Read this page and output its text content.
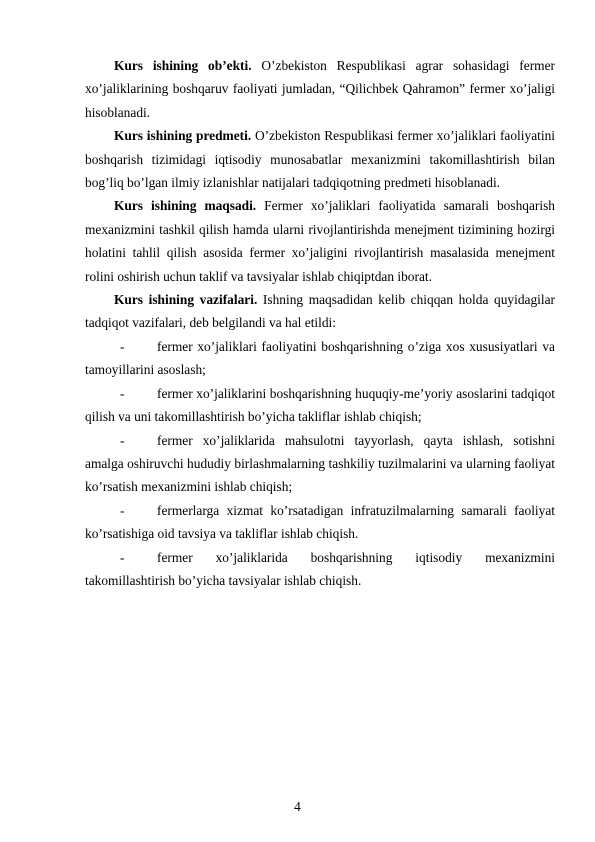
Kurs ishining ob’ekti. O’zbekiston Respublikasi agrar sohasidagi fermer xo’jaliklarining boshqaruv faoliyati jumladan, “Qilichbek Qahramon” fermer xo’jaligi hisoblanadi.

Kurs ishining predmeti. O’zbekiston Respublikasi fermer xo’jaliklari faoliyatini boshqarish tizimidagi iqtisodiy munosabatlar mexanizmini takomillashtirish bilan bog’liq bo’lgan ilmiy izlanishlar natijalari tadqiqotning predmeti hisoblanadi.

Kurs ishining maqsadi. Fermer xo’jaliklari faoliyatida samarali boshqarish mexanizmini tashkil qilish hamda ularni rivojlantirishda menejment tizimining hozirgi holatini tahlil qilish asosida fermer xo’jaligini rivojlantirish masalasida menejment rolini oshirish uchun taklif va tavsiyalar ishlab chiqiptdan iborat.

Kurs ishining vazifalari. Ishning maqsadidan kelib chiqqan holda quyidagilar tadqiqot vazifalari, deb belgilandi va hal etildi:

- fermer xo’jaliklari faoliyatini boshqarishning o’ziga xos xususiyatlari va tamoyillarini asoslash;

- fermer xo’jaliklarini boshqarishning huquqiy-me’yoriy asoslarini tadqiqot qilish va uni takomillashtirish bo’yicha takliflar ishlab chiqish;

- fermer xo’jaliklarida mahsulotni tayyorlash, qayta ishlash, sotishni amalga oshiruvchi hududiy birlashmalarning tashkiliy tuzilmalarini va ularning faoliyat ko’rsatish mexanizmini ishlab chiqish;

- fermerlarga xizmat ko’rsatadigan infratuzilmalarning samarali faoliyat ko’rsatishiga oid tavsiya va takliflar ishlab chiqish.

- fermer xo’jaliklarida boshqarishning iqtisodiy mexanizmini takomillashtirish bo’yicha tavsiyalar ishlab chiqish.

4
